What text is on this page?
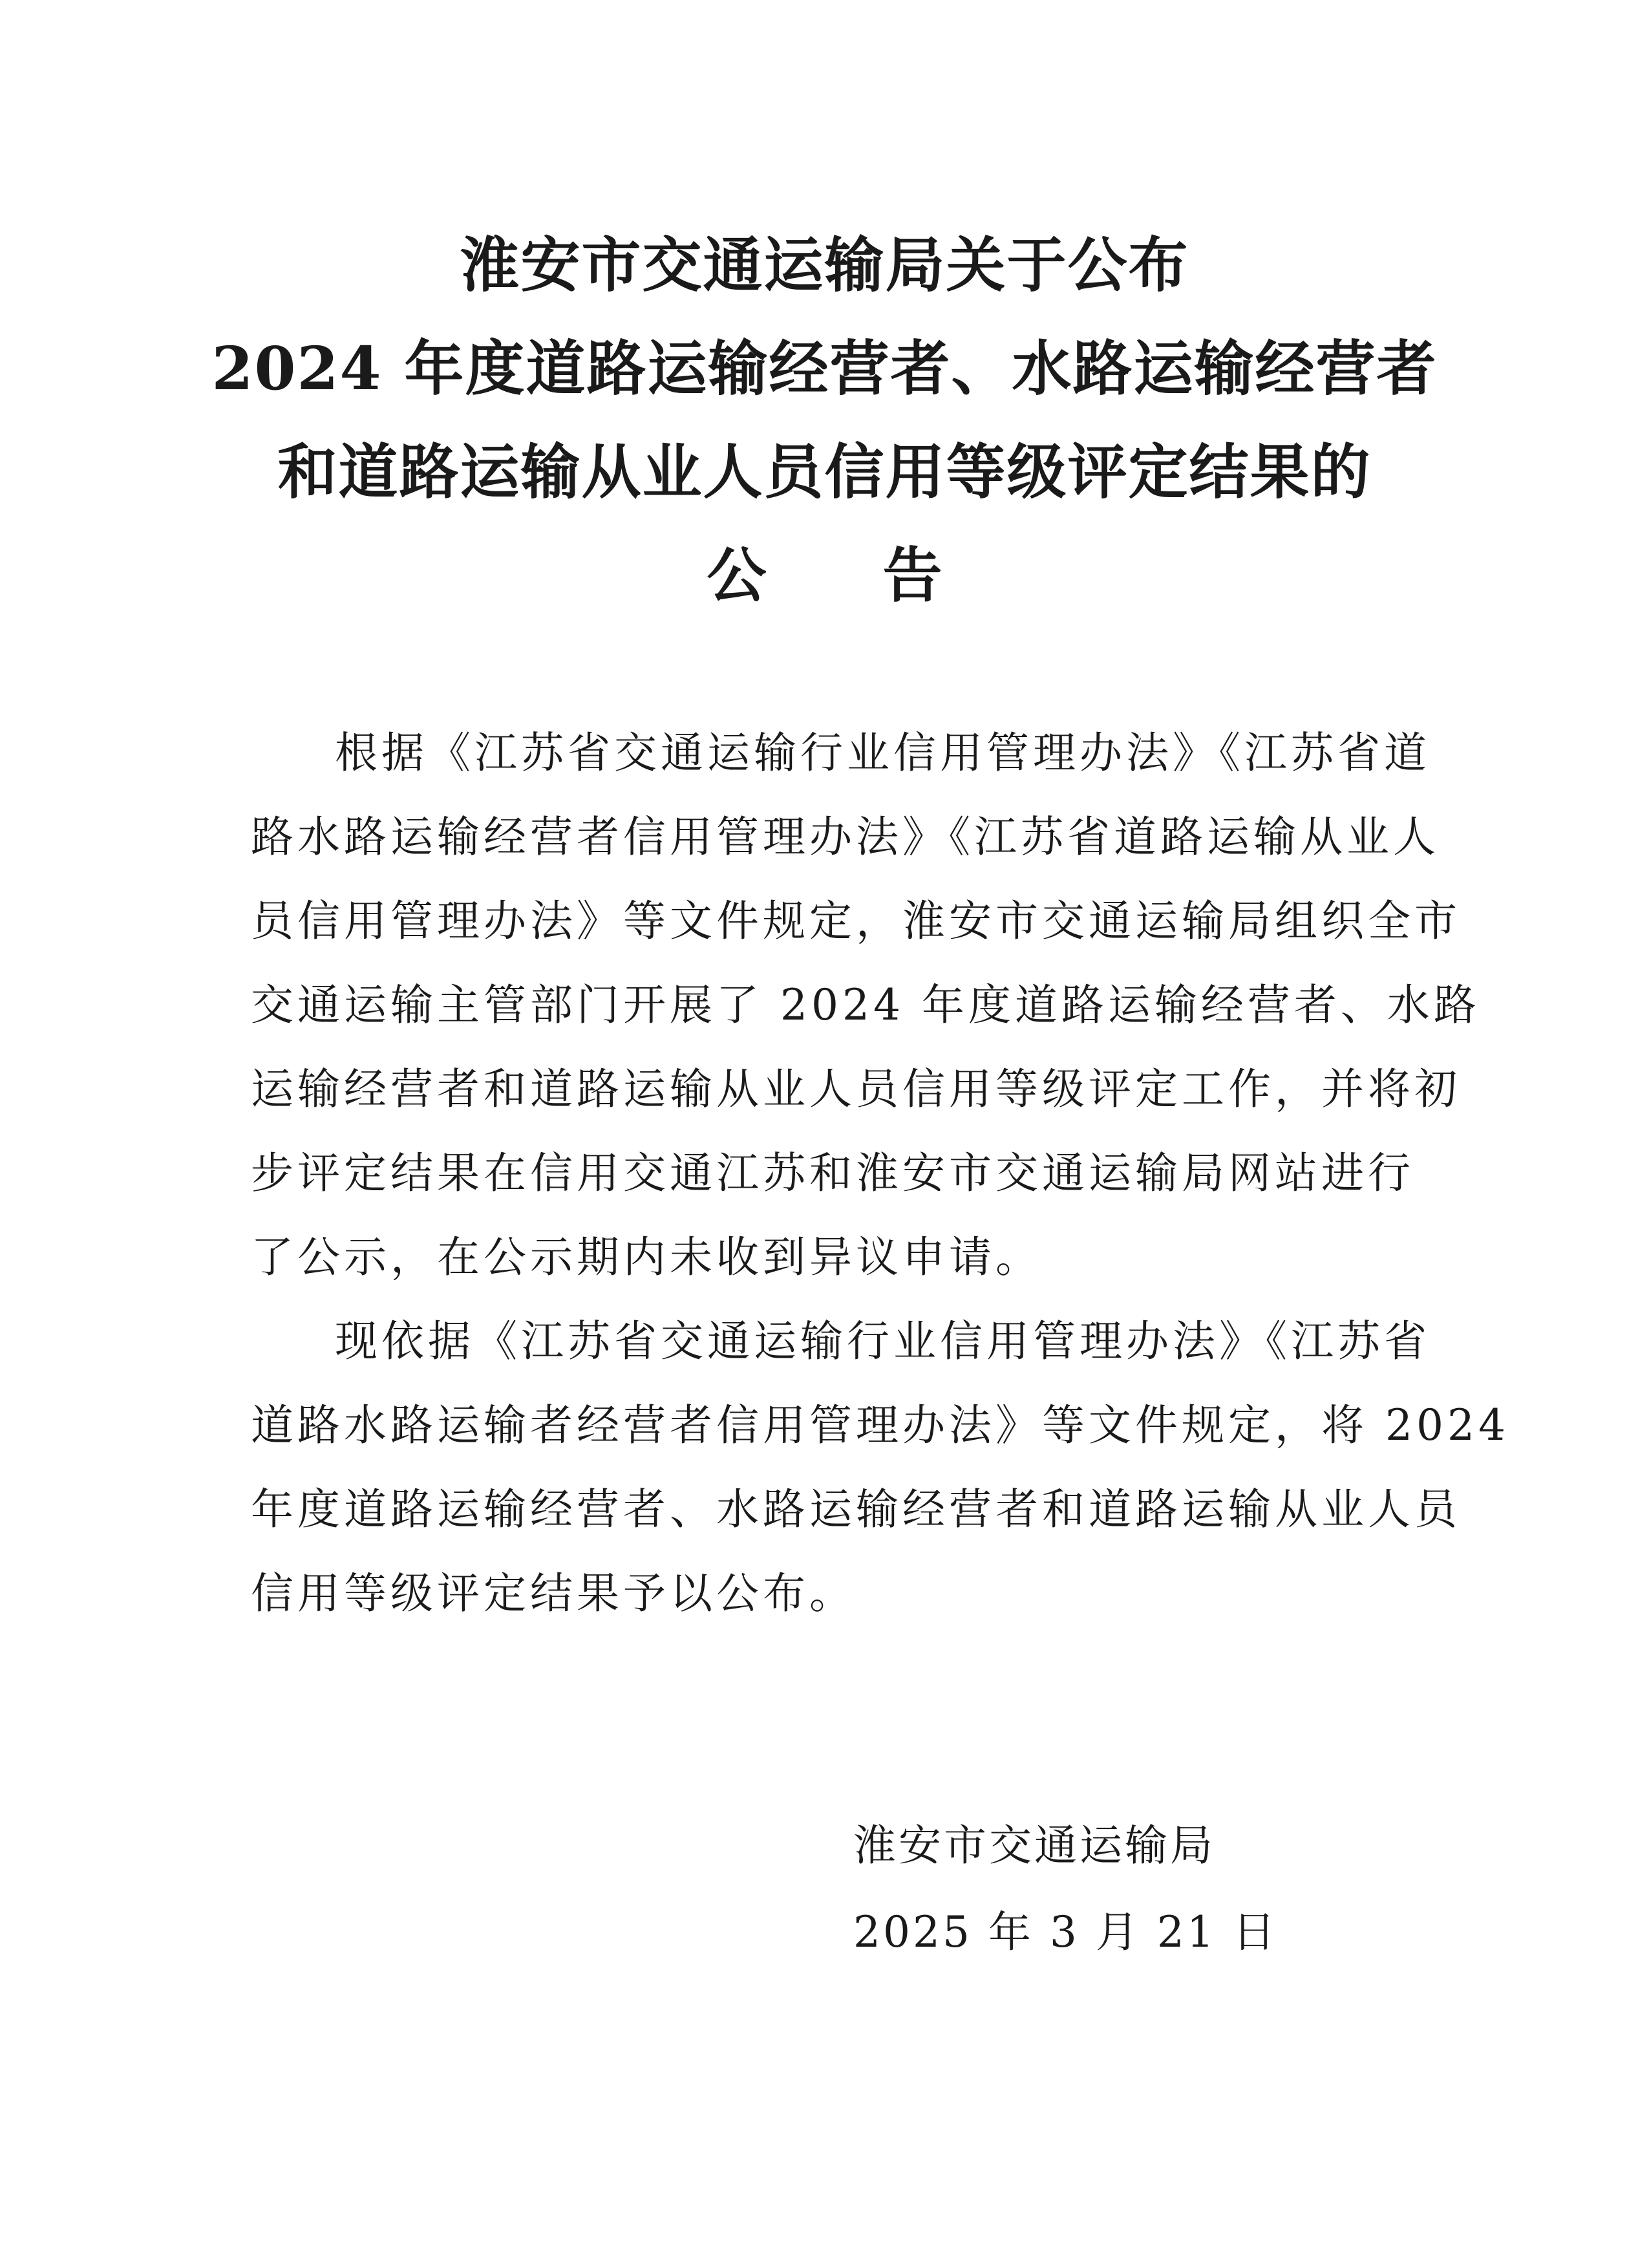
淮安市交通运输局关于公布
2024 年度道路运输经营者、水路运输经营者
和道路运输从业人员信用等级评定结果的
公告
根据《江苏省交通运输行业信用管理办法》《江苏省道
路水路运输经营者信用管理办法》《江苏省道路运输从业人
员信用管理办法》等文件规定，淮安市交通运输局组织全市
交通运输主管部门开展了 2024 年度道路运输经营者、水路
运输经营者和道路运输从业人员信用等级评定工作，并将初
步评定结果在信用交通江苏和淮安市交通运输局网站进行
了公示，在公示期内未收到异议申请。
现依据《江苏省交通运输行业信用管理办法》《江苏省
道路水路运输者经营者信用管理办法》等文件规定，将 2024
年度道路运输经营者、水路运输经营者和道路运输从业人员
信用等级评定结果予以公布。
淮安市交通运输局
2025 年 3 月 21 日
